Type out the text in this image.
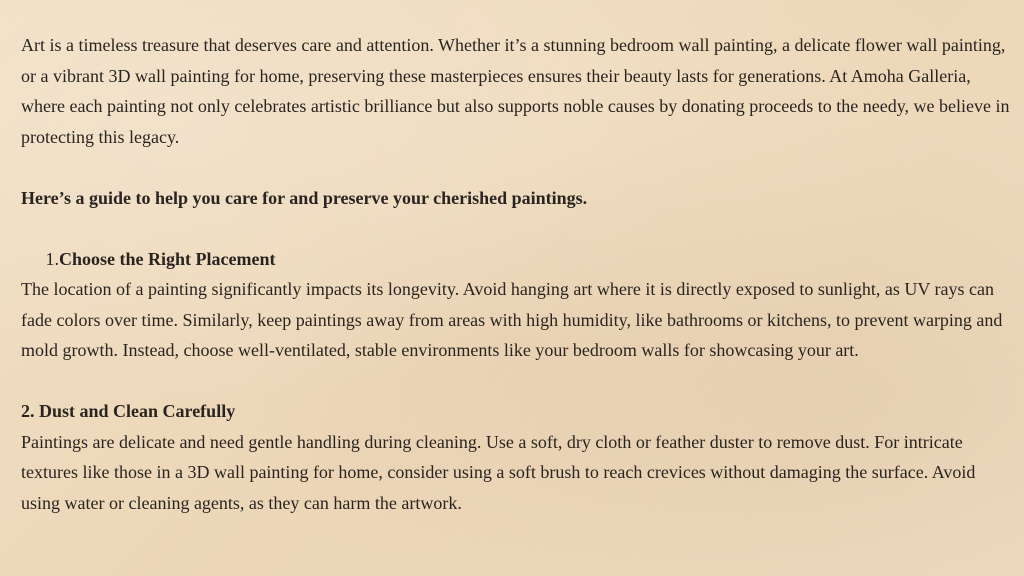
Art is a timeless treasure that deserves care and attention. Whether it’s a stunning bedroom wall painting, a delicate flower wall painting, or a vibrant 3D wall painting for home, preserving these masterpieces ensures their beauty lasts for generations. At Amoha Galleria, where each painting not only celebrates artistic brilliance but also supports noble causes by donating proceeds to the needy, we believe in protecting this legacy.

Here’s a guide to help you care for and preserve your cherished paintings.

1. Choose the Right Placement

The location of a painting significantly impacts its longevity. Avoid hanging art where it is directly exposed to sunlight, as UV rays can fade colors over time. Similarly, keep paintings away from areas with high humidity, like bathrooms or kitchens, to prevent warping and mold growth. Instead, choose well-ventilated, stable environments like your bedroom walls for showcasing your art.

2. Dust and Clean Carefully

Paintings are delicate and need gentle handling during cleaning. Use a soft, dry cloth or feather duster to remove dust. For intricate textures like those in a 3D wall painting for home, consider using a soft brush to reach crevices without damaging the surface. Avoid using water or cleaning agents, as they can harm the artwork.
